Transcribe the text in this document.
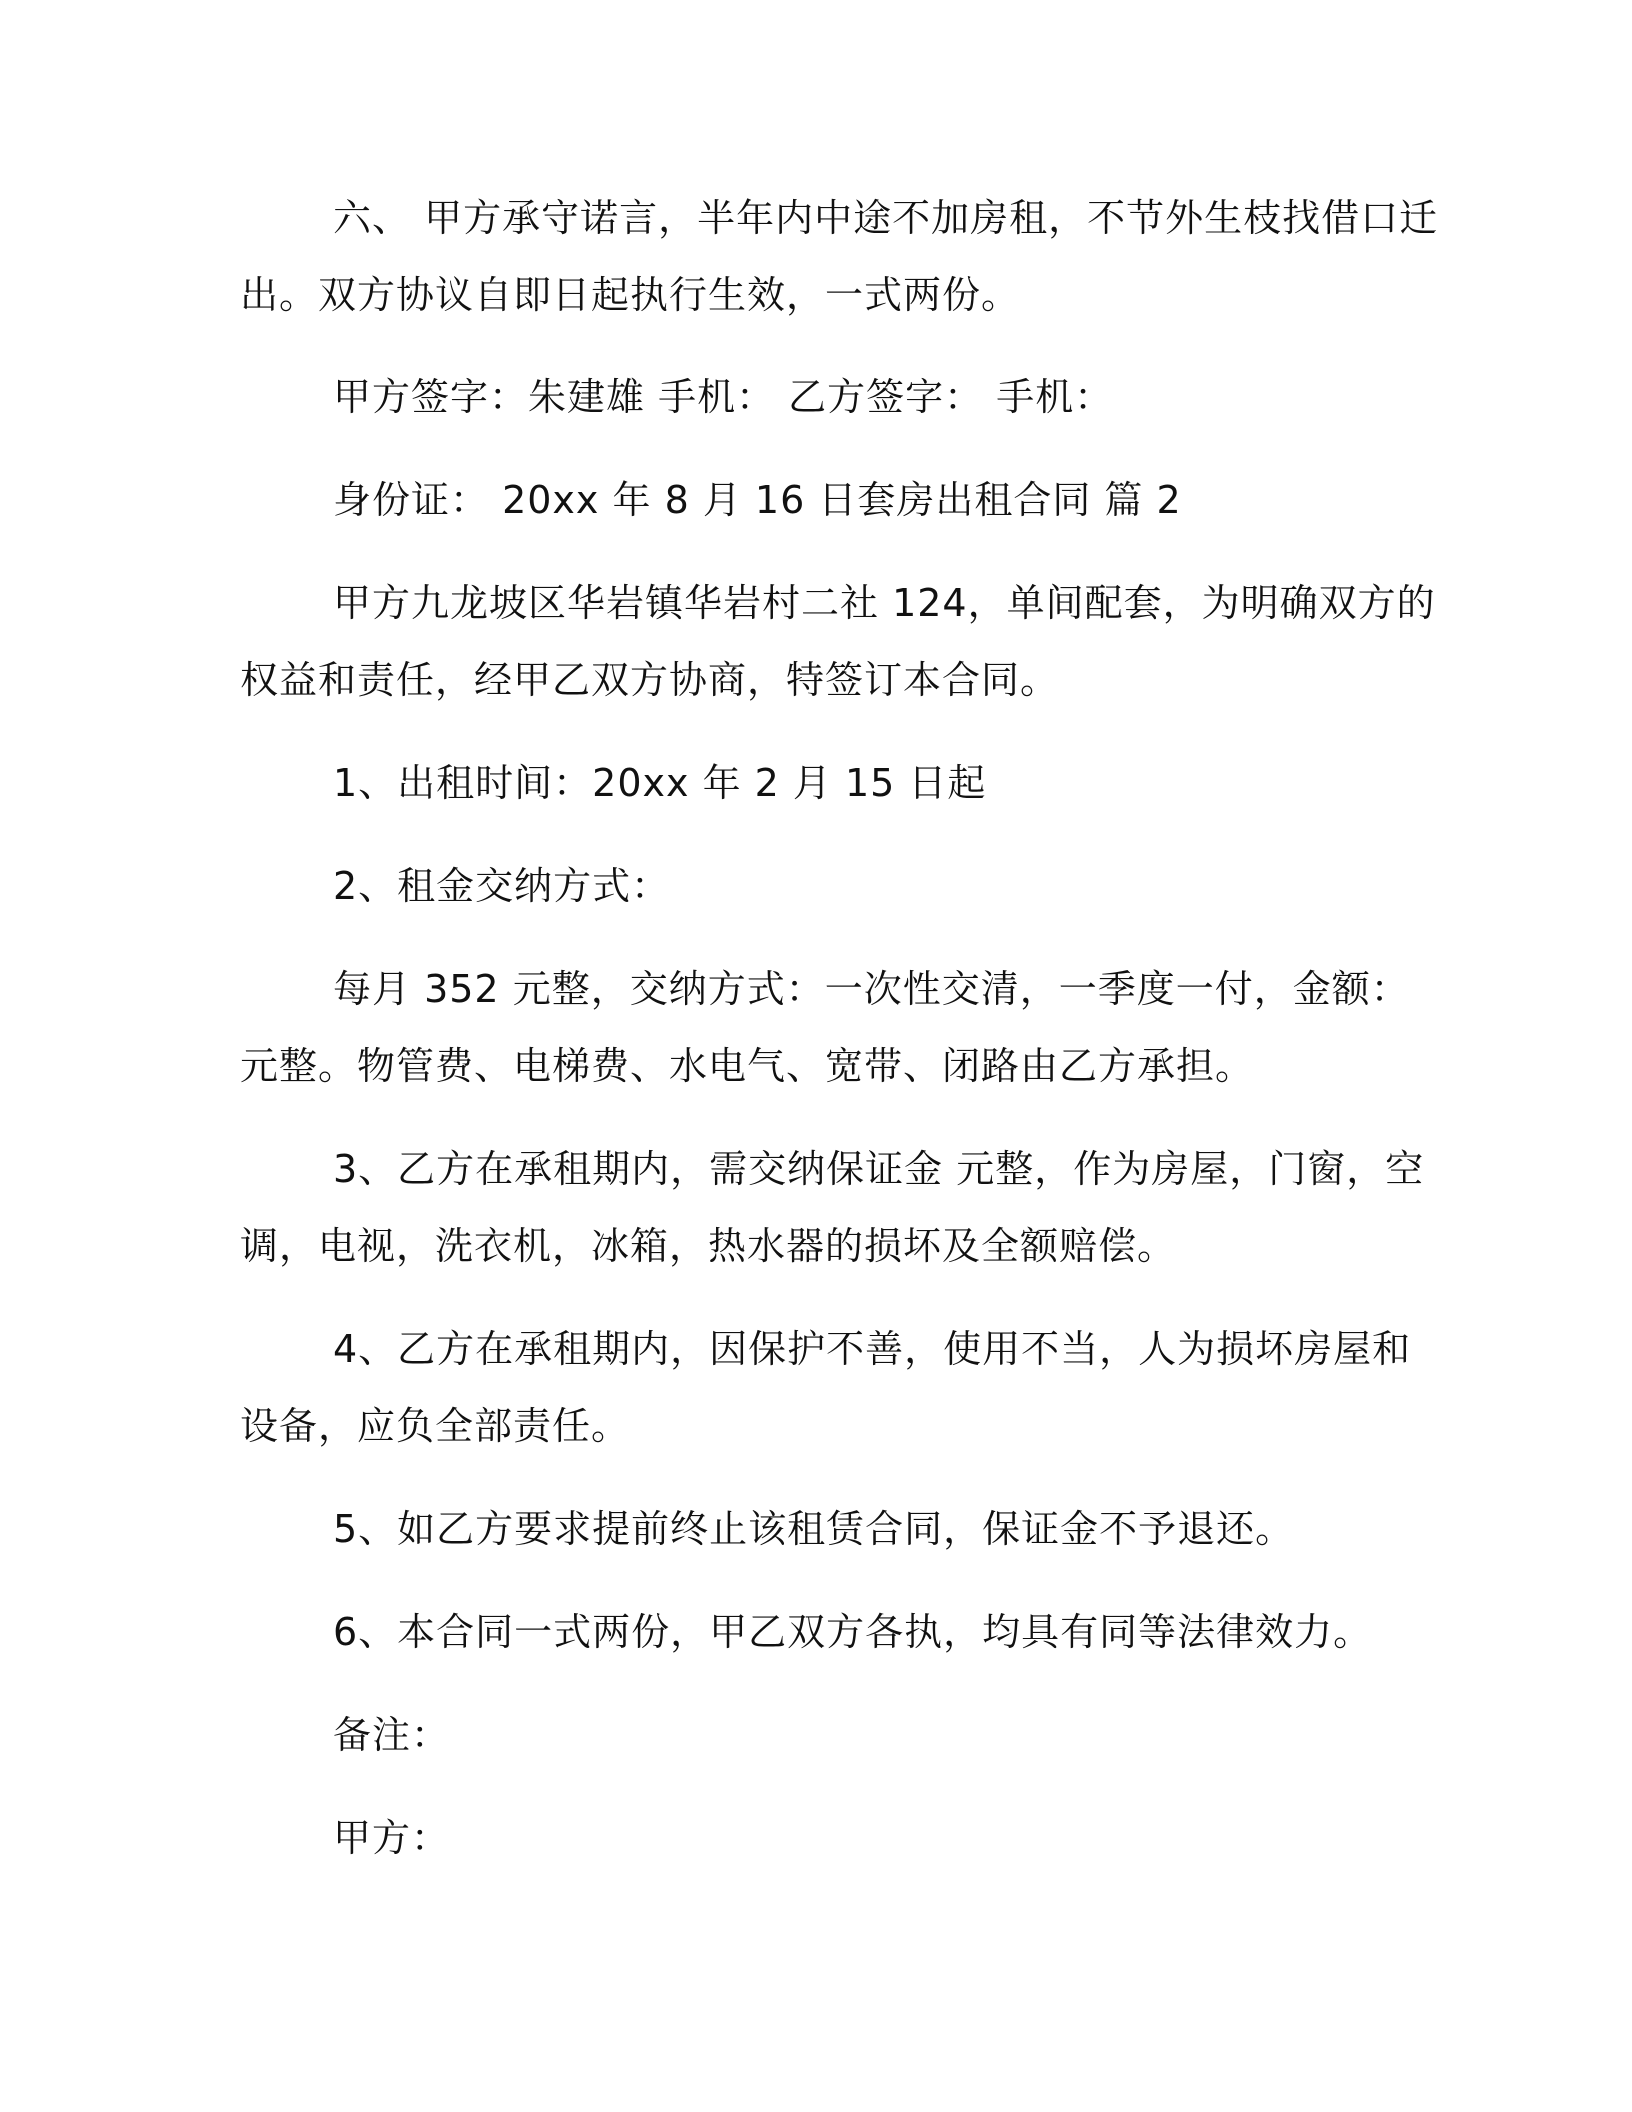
六、 甲方承守诺言，半年内中途不加房租，不节外生枝找借口迁
出。双方协议自即日起执行生效，一式两份。
甲方签字：朱建雄 手机： 乙方签字： 手机：
身份证： 20xx 年 8 月 16 日套房出租合同 篇 2
甲方九龙坡区华岩镇华岩村二社 124，单间配套，为明确双方的
权益和责任，经甲乙双方协商，特签订本合同。
1、出租时间：20xx 年 2 月 15 日起
2、租金交纳方式：
每月 352 元整，交纳方式：一次性交清，一季度一付，金额：
元整。物管费、电梯费、水电气、宽带、闭路由乙方承担。
3、乙方在承租期内，需交纳保证金 元整，作为房屋，门窗，空
调，电视，洗衣机，冰箱，热水器的损坏及全额赔偿。
4、乙方在承租期内，因保护不善，使用不当，人为损坏房屋和
设备，应负全部责任。
5、如乙方要求提前终止该租赁合同，保证金不予退还。
6、本合同一式两份，甲乙双方各执，均具有同等法律效力。
备注：
甲方：
